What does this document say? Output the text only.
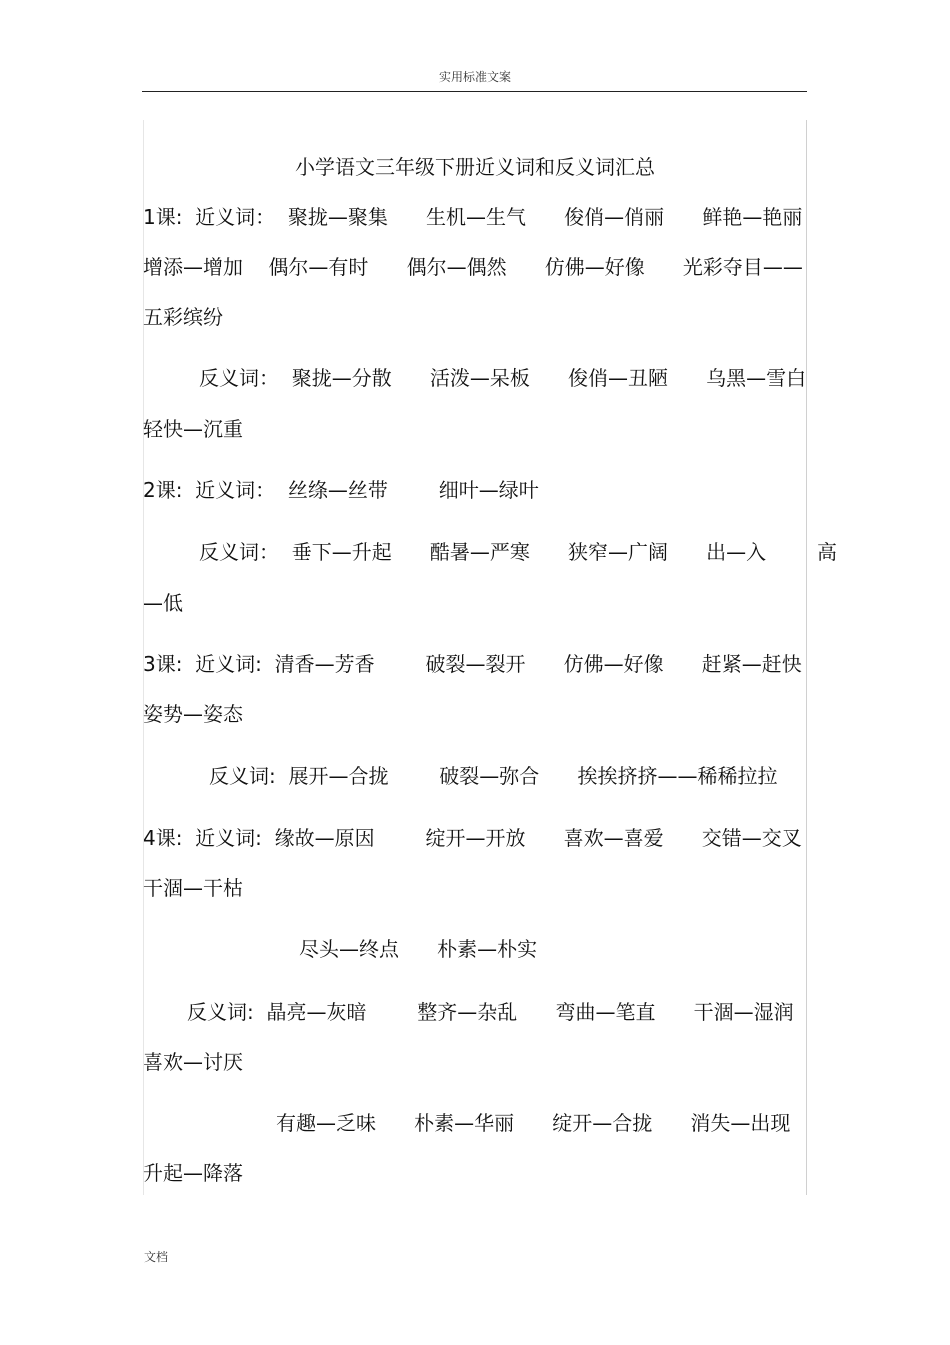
实用标准文案
小学语文三年级下册近义词和反义词汇总
1课:  近义词：  聚拢—聚集      生机—生气      俊俏—俏丽      鲜艳—艳丽
增添—增加    偶尔—有时      偶尔—偶然      仿佛—好像      光彩夺目——
五彩缤纷
反义词：  聚拢—分散      活泼—呆板      俊俏—丑陋      乌黑—雪白
轻快—沉重
2课:  近义词：  丝绦—丝带        细叶—绿叶
反义词：  垂下—升起      酷暑—严寒      狭窄—广阔      出—入        高
—低
3课:  近义词:  清香—芳香        破裂—裂开      仿佛—好像      赶紧—赶快
姿势—姿态
反义词:  展开—合拢        破裂—弥合      挨挨挤挤——稀稀拉拉
4课:  近义词:  缘故—原因        绽开—开放      喜欢—喜爱      交错—交叉
干涸—干枯
尽头—终点      朴素—朴实
反义词:  晶亮—灰暗        整齐—杂乱      弯曲—笔直      干涸—湿润
喜欢—讨厌
有趣—乏味      朴素—华丽      绽开—合拢      消失—出现
升起—降落
文档
